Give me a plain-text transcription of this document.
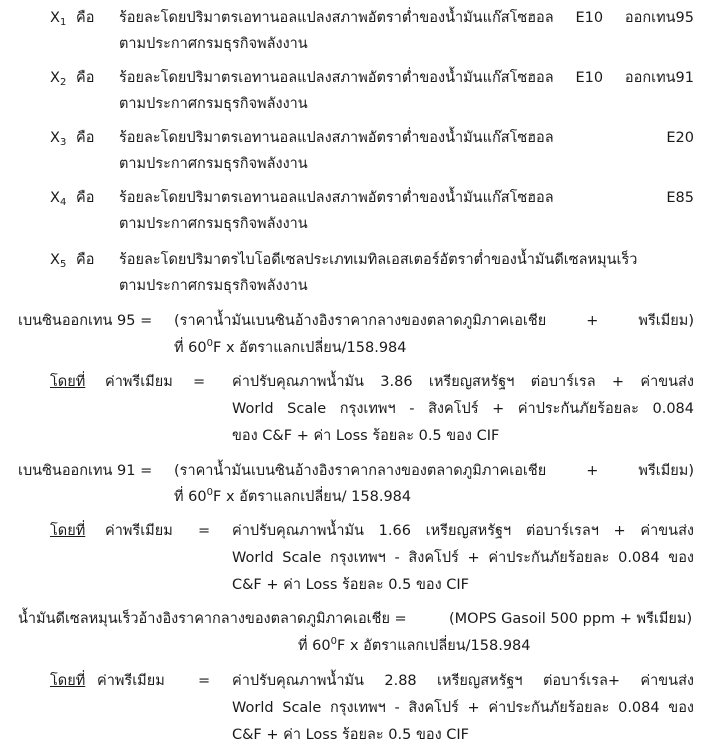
$X_1$ คือ ร้อยละโดยปริมาตรเอทานอลแปลงสภาพอัตราต่ำของน้ำมันแก๊สโซฮอล E10 ออกเทน95
ตามประกาศกรมธุรกิจพลังงาน
$X_2$ คือ ร้อยละโดยปริมาตรเอทานอลแปลงสภาพอัตราต่ำของน้ำมันแก๊สโซฮอล E10 ออกเทน91
ตามประกาศกรมธุรกิจพลังงาน
$X_3$ คือ ร้อยละโดยปริมาตรเอทานอลแปลงสภาพอัตราต่ำของน้ำมันแก๊สโซฮอล E20
ตามประกาศกรมธุรกิจพลังงาน
$X_4$ คือ ร้อยละโดยปริมาตรเอทานอลแปลงสภาพอัตราต่ำของน้ำมันแก๊สโซฮอล E85
ตามประกาศกรมธุรกิจพลังงาน
$X_5$ คือ ร้อยละโดยปริมาตรไบโอดีเซลประเภทเมทิลเอสเตอร์อัตราต่ำของน้ำมันดีเซลหมุนเร็ว
ตามประกาศกรมธุรกิจพลังงาน
เบนซินออกเทน 95 = (ราคาน้ำมันเบนซินอ้างอิงราคากลางของตลาดภูมิภาคเอเชีย + พรีเมียม)
ที่ $60^0F$ x อัตราแลกเปลี่ยน/158.984
โดยที่ ค่าพรีเมียม = ค่าปรับคุณภาพน้ำมัน 3.86 เหรียญสหรัฐฯ ต่อบาร์เรล + ค่าขนส่ง
World Scale กรุงเทพฯ - สิงคโปร์ + ค่าประกันภัยร้อยละ 0.084
ของ C&F + ค่า Loss ร้อยละ 0.5 ของ CIF
เบนซินออกเทน 91 = (ราคาน้ำมันเบนซินอ้างอิงราคากลางของตลาดภูมิภาคเอเชีย + พรีเมียม)
ที่ $60^0F$ x อัตราแลกเปลี่ยน/ 158.984
โดยที่ ค่าพรีเมียม = ค่าปรับคุณภาพน้ำมัน 1.66 เหรียญสหรัฐฯ ต่อบาร์เรลฯ + ค่าขนส่ง
World Scale กรุงเทพฯ - สิงคโปร์ + ค่าประกันภัยร้อยละ 0.084 ของ
C&F + ค่า Loss ร้อยละ 0.5 ของ CIF
น้ำมันดีเซลหมุนเร็วอ้างอิงราคากลางของตลาดภูมิภาคเอเชีย =	(MOPS Gasoil 500 ppm + พรีเมียม)
ที่ $60^0F$ x อัตราแลกเปลี่ยน/158.984
โดยที่ ค่าพรีเมียม = ค่าปรับคุณภาพน้ำมัน 2.88 เหรียญสหรัฐฯ ต่อบาร์เรล+ ค่าขนส่ง
World Scale กรุงเทพฯ - สิงคโปร์ + ค่าประกันภัยร้อยละ 0.084 ของ
C&F + ค่า Loss ร้อยละ 0.5 ของ CIF
